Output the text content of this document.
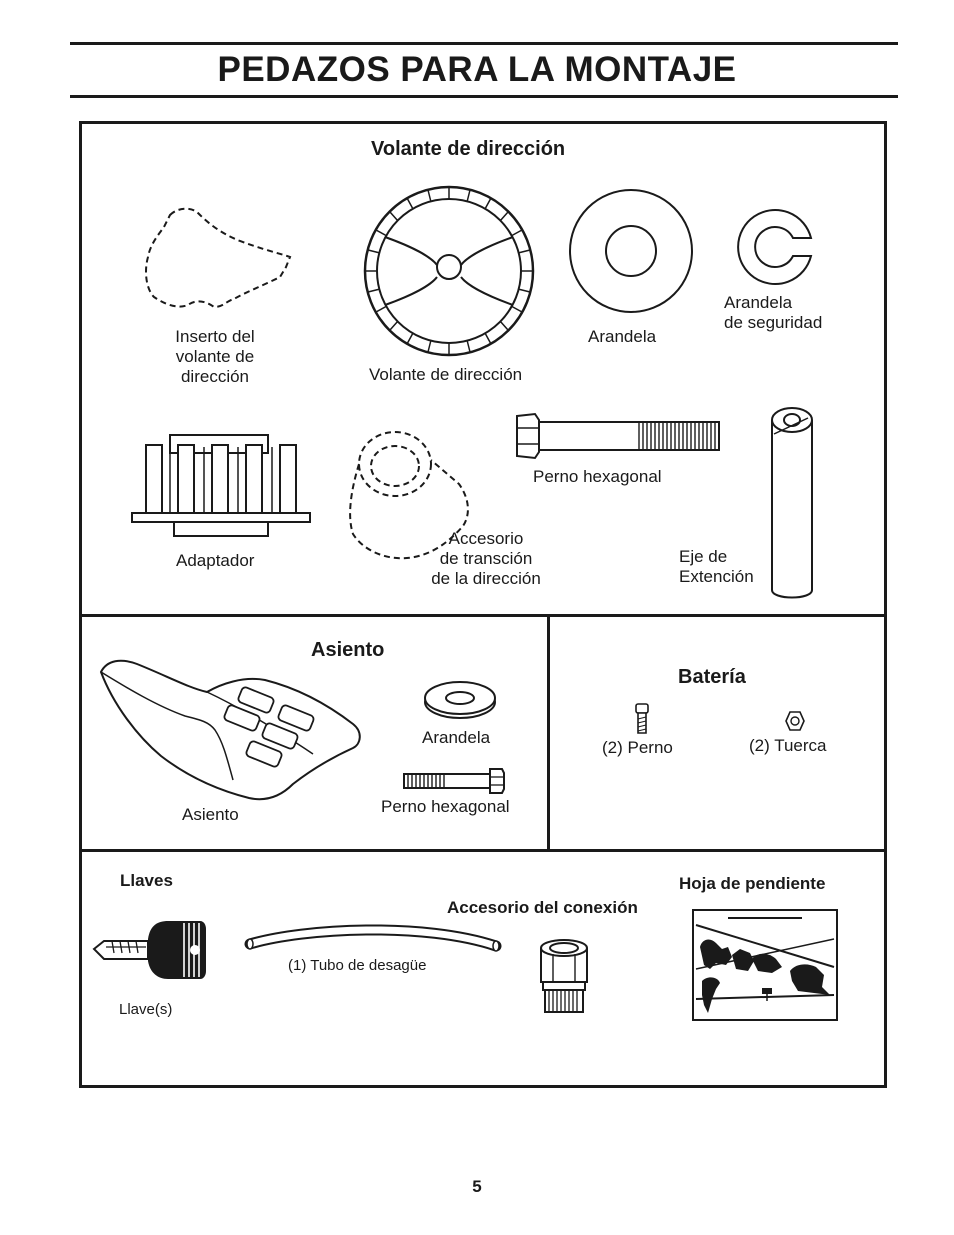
PEDAZOS PARA LA MONTAJE
Volante de dirección
Inserto del
volante de
dirección	Volante de dirección
Arandela
Arandela
de seguridad
Adaptador
Accesorio
de transción
de la dirección
Perno hexagonal
Eje de
Extención
Asiento
Asiento
Arandela
Perno hexagonal
Batería
(2) Perno	(2) Tuerca
Llaves
Llave(s)
(1) Tubo de desagüe
Accesorio del conexión
Hoja de pendiente
5
